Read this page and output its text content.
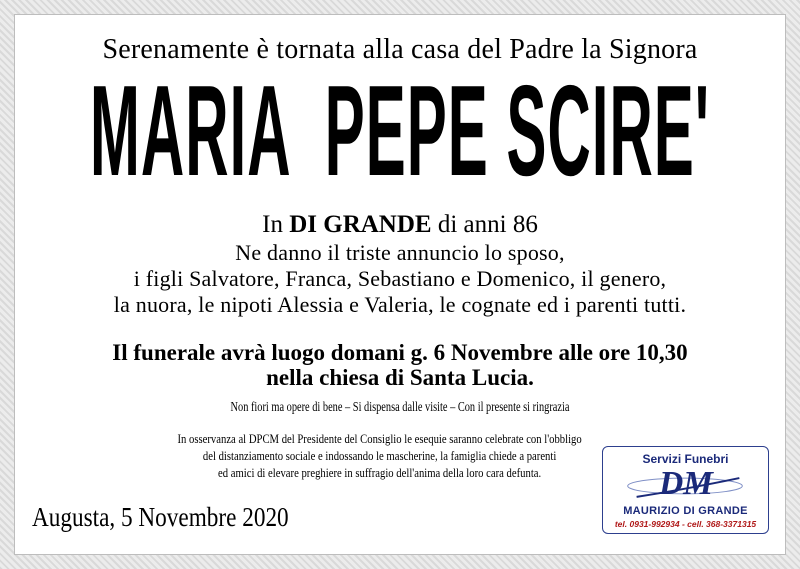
Serenamente è tornata alla casa del Padre la Signora

MARIA  PEPE SCIRE'

In DI GRANDE di anni 86

Ne danno il triste annuncio lo sposo,
i figli Salvatore, Franca, Sebastiano e Domenico, il genero,
la nuora, le nipoti Alessia e Valeria, le cognate ed i parenti tutti.
Il funerale avrà luogo domani g. 6 Novembre alle ore 10,30
nella chiesa di Santa Lucia.

Non fiori ma opere di bene – Si dispensa dalle visite – Con il presente si ringrazia

In osservanza al DPCM del Presidente del Consiglio le esequie saranno celebrate con l'obbligo
del distanziamento sociale e indossando le mascherine, la famiglia chiede a parenti
ed amici di elevare preghiere in suffragio dell'anima della loro cara defunta.
Augusta, 5 Novembre 2020
Servizi Funebri
DM
MAURIZIO DI GRANDE
tel. 0931-992934 - cell. 368-3371315
